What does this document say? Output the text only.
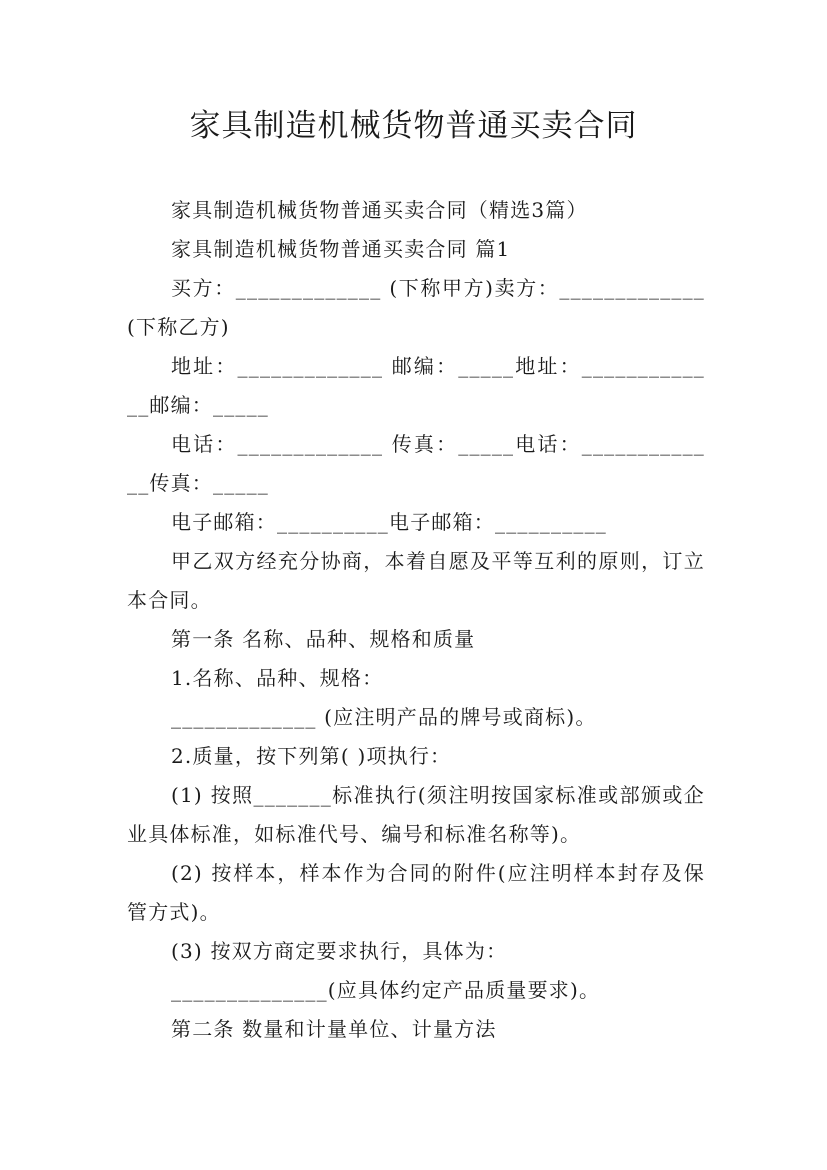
家具制造机械货物普通买卖合同

家具制造机械货物普通买卖合同（精选3篇）

家具制造机械货物普通买卖合同 篇1

买方：_____________ (下称甲方)卖方：_____________(下称乙方)

地址：_____________ 邮编：_____地址：_____________邮编：_____

电话：_____________ 传真：_____电话：_____________传真：_____

电子邮箱：__________电子邮箱：__________

甲乙双方经充分协商，本着自愿及平等互利的原则，订立本合同。

第一条 名称、品种、规格和质量

1.名称、品种、规格：

_____________ (应注明产品的牌号或商标)。

2.质量，按下列第( )项执行：

(1) 按照_______标准执行(须注明按国家标准或部颁或企业具体标准，如标准代号、编号和标准名称等)。

(2) 按样本，样本作为合同的附件(应注明样本封存及保管方式)。

(3) 按双方商定要求执行，具体为：

______________(应具体约定产品质量要求)。

第二条 数量和计量单位、计量方法
